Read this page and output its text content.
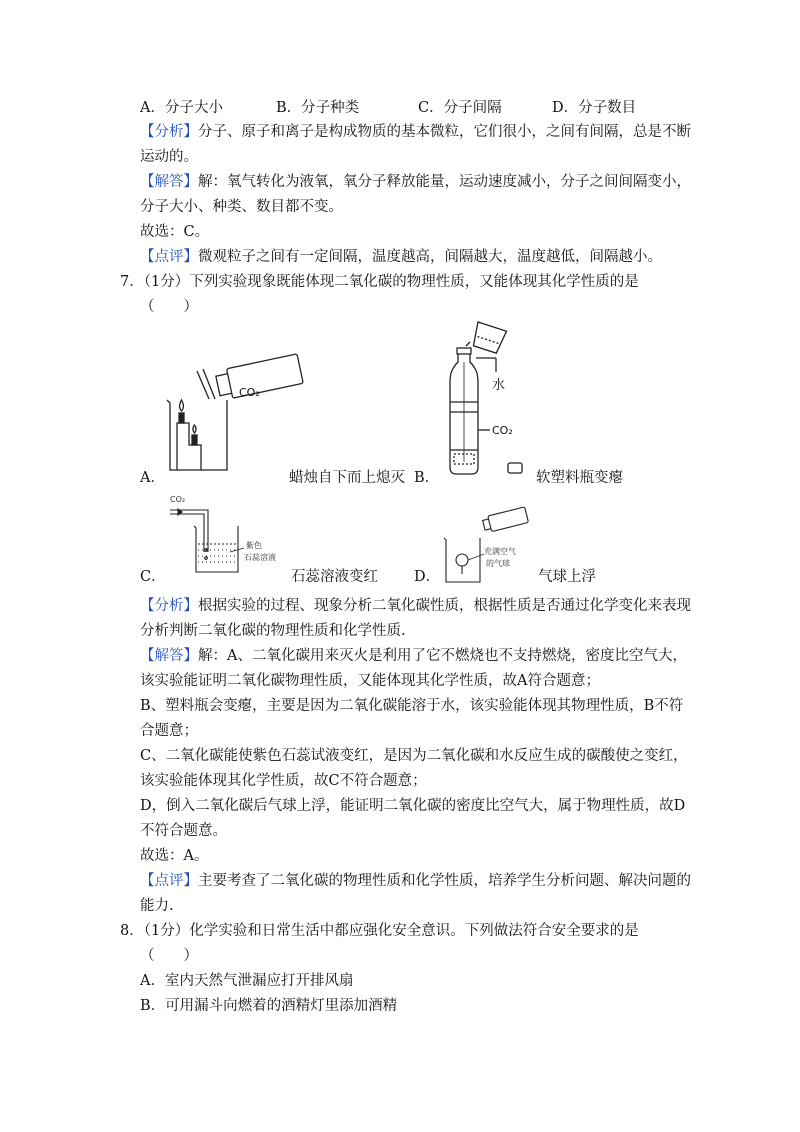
A．分子大小	B．分子种类	C．分子间隔	D．分子数目
【分析】分子、原子和离子是构成物质的基本微粒，它们很小，之间有间隔，总是不断
运动的。
【解答】解：氧气转化为液氧，氧分子释放能量，运动速度减小，分子之间间隔变小，
分子大小、种类、数目都不变。
故选：C。
【点评】微观粒子之间有一定间隔，温度越高，间隔越大，温度越低，间隔越小。
7．（1分）下列实验现象既能体现二氧化碳的物理性质，又能体现其化学性质的是
（　　）
CO₂	水
CO₂
A．	蜡烛自下而上熄灭 B．	软塑料瓶变瘪
CO₂
紫色
石蕊溶液
充满空气
的气球
C．	石蕊溶液变红 D．	气球上浮
【分析】根据实验的过程、现象分析二氧化碳性质，根据性质是否通过化学变化来表现
分析判断二氧化碳的物理性质和化学性质.
【解答】解：A、二氧化碳用来灭火是利用了它不燃烧也不支持燃烧，密度比空气大，
该实验能证明二氧化碳物理性质，又能体现其化学性质，故A符合题意；
B、塑料瓶会变瘪，主要是因为二氧化碳能溶于水，该实验能体现其物理性质，B不符
合题意；
C、二氧化碳能使紫色石蕊试液变红，是因为二氧化碳和水反应生成的碳酸使之变红，
该实验能体现其化学性质，故C不符合题意；
D，倒入二氧化碳后气球上浮，能证明二氧化碳的密度比空气大，属于物理性质，故D
不符合题意。
故选：A。
【点评】主要考查了二氧化碳的物理性质和化学性质，培养学生分析问题、解决问题的
能力.
8．（1分）化学实验和日常生活中都应强化安全意识。下列做法符合安全要求的是
（　　）
A．室内天然气泄漏应打开排风扇
B．可用漏斗向燃着的酒精灯里添加酒精
